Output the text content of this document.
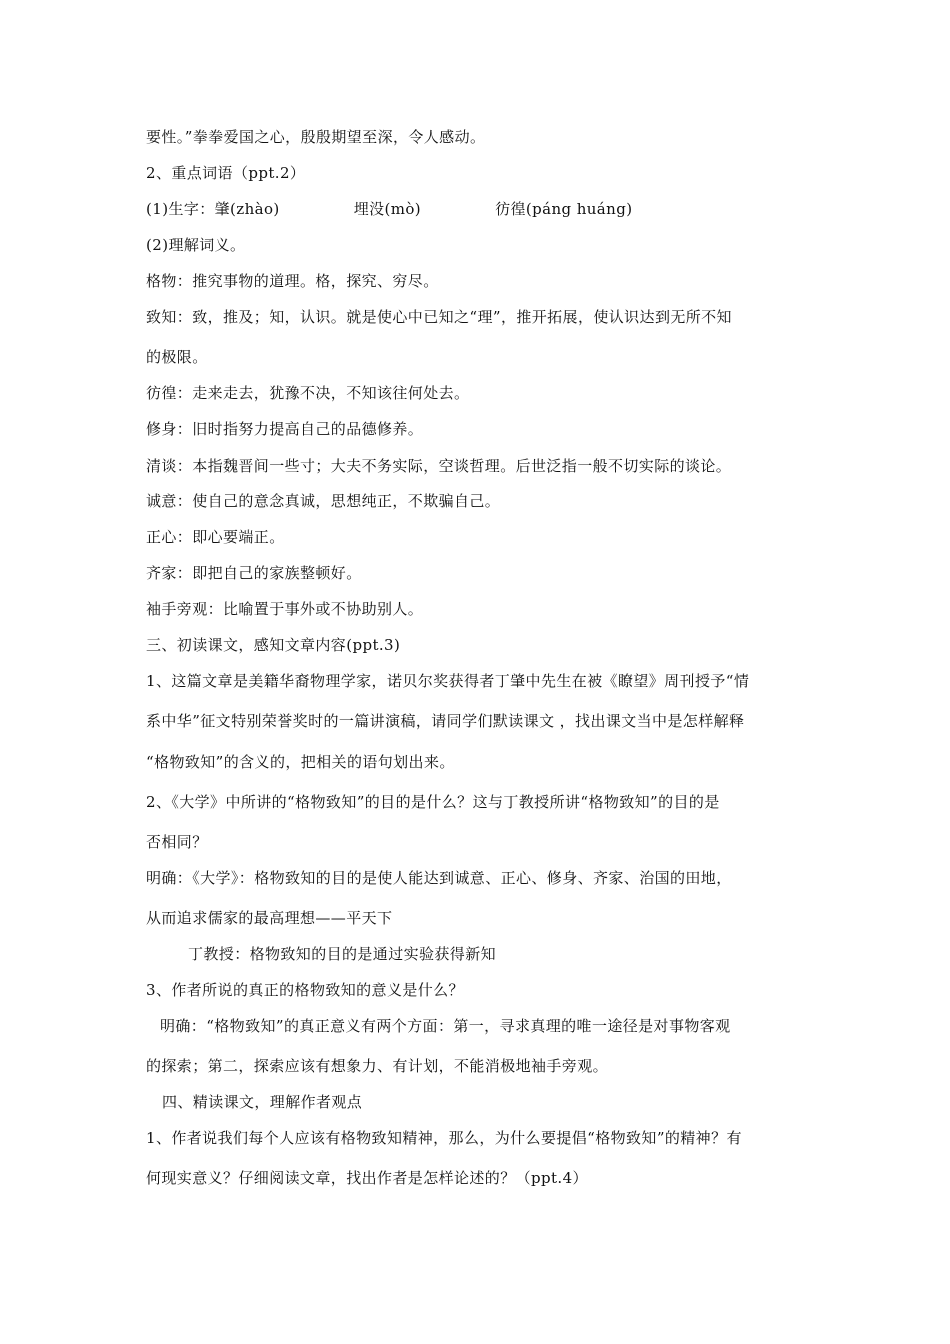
要性。”拳拳爱国之心，殷殷期望至深，令人感动。
2、重点词语（ppt.2）
(1)生字：肇(zhào)	埋没(mò)	彷徨(páng huáng)
(2)理解词义。
格物：推究事物的道理。格，探究、穷尽。
致知：致，推及；知，认识。就是使心中已知之“理”，推开拓展，使认识达到无所不知
的极限。
彷徨：走来走去，犹豫不决，不知该往何处去。
修身：旧时指努力提高自己的品德修养。
清谈：本指魏晋间一些寸；大夫不务实际，空谈哲理。后世泛指一般不切实际的谈论。
诚意：使自己的意念真诚，思想纯正，不欺骗自己。
正心：即心要端正。
齐家：即把自己的家族整顿好。
袖手旁观：比喻置于事外或不协助别人。
三、初读课文，感知文章内容(ppt.3)
1、这篇文章是美籍华裔物理学家，诺贝尔奖获得者丁肇中先生在被《瞭望》周刊授予“情
系中华”征文特别荣誉奖时的一篇讲演稿，请同学们默读课文 ，找出课文当中是怎样解释
“格物致知”的含义的，把相关的语句划出来。
2、《大学》中所讲的“格物致知”的目的是什么？这与丁教授所讲“格物致知”的目的是
否相同？
明确：《大学》：格物致知的目的是使人能达到诚意、正心、修身、齐家、治国的田地，
从而追求儒家的最高理想——平天下
丁教授：格物致知的目的是通过实验获得新知
3、作者所说的真正的格物致知的意义是什么？
明确：“格物致知”的真正意义有两个方面：第一，寻求真理的唯一途径是对事物客观
的探索；第二，探索应该有想象力、有计划，不能消极地袖手旁观。
四、精读课文，理解作者观点
1、作者说我们每个人应该有格物致知精神，那么，为什么要提倡“格物致知”的精神？有
何现实意义？仔细阅读文章，找出作者是怎样论述的？（ppt.4）
